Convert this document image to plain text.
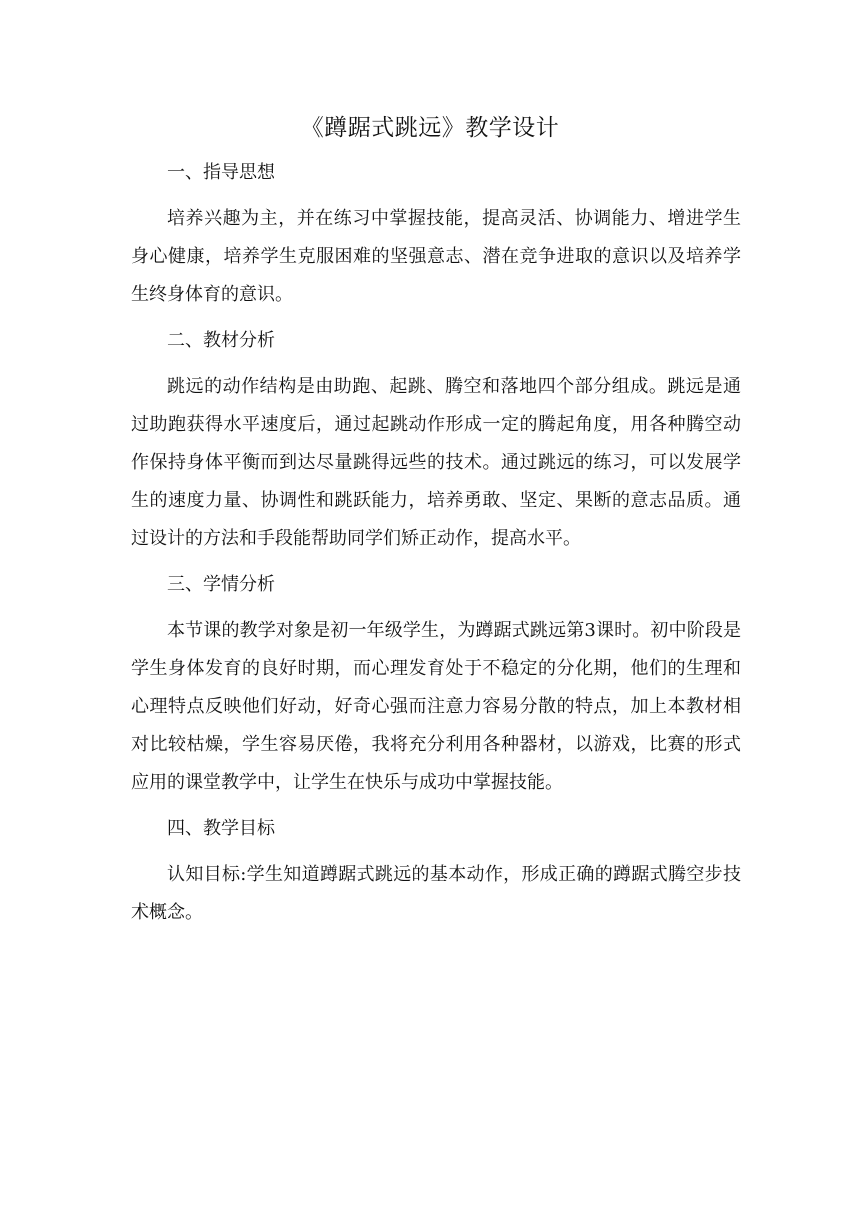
《蹲踞式跳远》教学设计

一、指导思想

培养兴趣为主，并在练习中掌握技能，提高灵活、协调能力、增进学生身心健康，培养学生克服困难的坚强意志、潜在竞争进取的意识以及培养学生终身体育的意识。

二、教材分析

跳远的动作结构是由助跑、起跳、腾空和落地四个部分组成。跳远是通过助跑获得水平速度后，通过起跳动作形成一定的腾起角度，用各种腾空动作保持身体平衡而到达尽量跳得远些的技术。通过跳远的练习，可以发展学生的速度力量、协调性和跳跃能力，培养勇敢、坚定、果断的意志品质。通过设计的方法和手段能帮助同学们矫正动作，提高水平。

三、学情分析

本节课的教学对象是初一年级学生，为蹲踞式跳远第3课时。初中阶段是学生身体发育的良好时期，而心理发育处于不稳定的分化期，他们的生理和心理特点反映他们好动，好奇心强而注意力容易分散的特点，加上本教材相对比较枯燥，学生容易厌倦，我将充分利用各种器材，以游戏，比赛的形式应用的课堂教学中，让学生在快乐与成功中掌握技能。

四、教学目标

认知目标:学生知道蹲踞式跳远的基本动作，形成正确的蹲踞式腾空步技术概念。
